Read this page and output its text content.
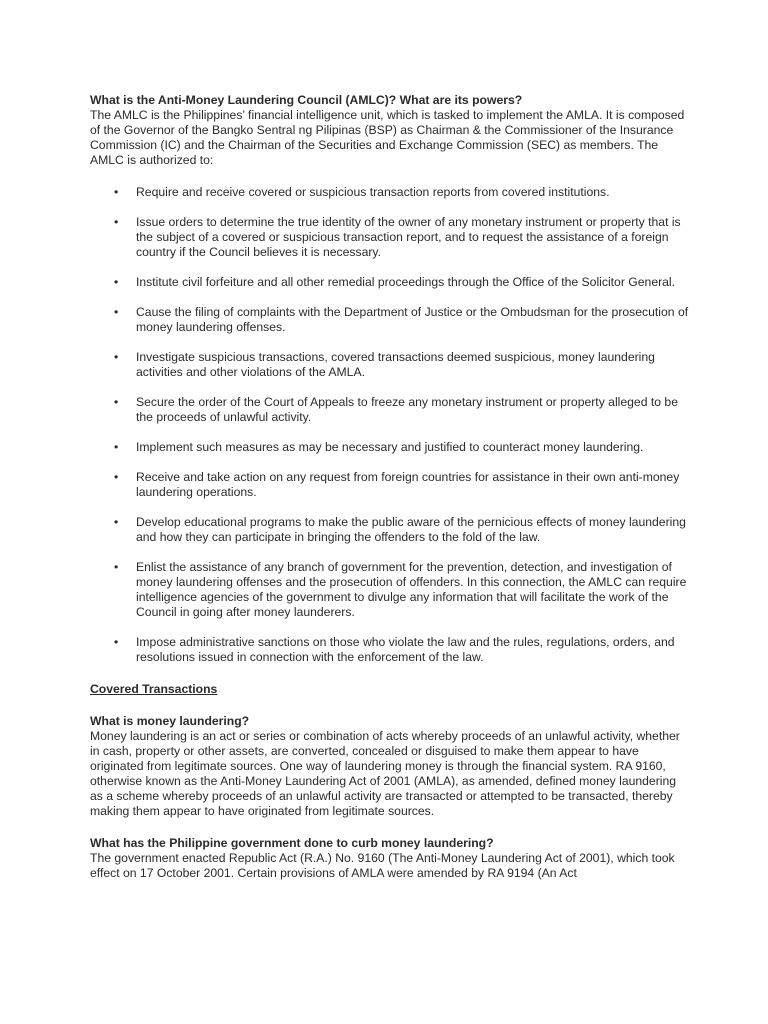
What is the Anti-Money Laundering Council (AMLC)? What are its powers?

The AMLC is the Philippines’ financial intelligence unit, which is tasked to implement the AMLA. It is composed of the Governor of the Bangko Sentral ng Pilipinas (BSP) as Chairman & the Commissioner of the Insurance Commission (IC) and the Chairman of the Securities and Exchange Commission (SEC) as members. The AMLC is authorized to:

• Require and receive covered or suspicious transaction reports from covered institutions.
• Issue orders to determine the true identity of the owner of any monetary instrument or property that is the subject of a covered or suspicious transaction report, and to request the assistance of a foreign country if the Council believes it is necessary.
• Institute civil forfeiture and all other remedial proceedings through the Office of the Solicitor General.
• Cause the filing of complaints with the Department of Justice or the Ombudsman for the prosecution of money laundering offenses.
• Investigate suspicious transactions, covered transactions deemed suspicious, money laundering activities and other violations of the AMLA.
• Secure the order of the Court of Appeals to freeze any monetary instrument or property alleged to be the proceeds of unlawful activity.
• Implement such measures as may be necessary and justified to counteract money laundering.
• Receive and take action on any request from foreign countries for assistance in their own anti-money laundering operations.
• Develop educational programs to make the public aware of the pernicious effects of money laundering and how they can participate in bringing the offenders to the fold of the law.
• Enlist the assistance of any branch of government for the prevention, detection, and investigation of money laundering offenses and the prosecution of offenders. In this connection, the AMLC can require intelligence agencies of the government to divulge any information that will facilitate the work of the Council in going after money launderers.
• Impose administrative sanctions on those who violate the law and the rules, regulations, orders, and resolutions issued in connection with the enforcement of the law.

Covered Transactions

What is money laundering?

Money laundering is an act or series or combination of acts whereby proceeds of an unlawful activity, whether in cash, property or other assets, are converted, concealed or disguised to make them appear to have originated from legitimate sources. One way of laundering money is through the financial system. RA 9160, otherwise known as the Anti-Money Laundering Act of 2001 (AMLA), as amended, defined money laundering as a scheme whereby proceeds of an unlawful activity are transacted or attempted to be transacted, thereby making them appear to have originated from legitimate sources.

What has the Philippine government done to curb money laundering?

The government enacted Republic Act (R.A.) No. 9160 (The Anti-Money Laundering Act of 2001), which took effect on 17 October 2001. Certain provisions of AMLA were amended by RA 9194 (An Act
